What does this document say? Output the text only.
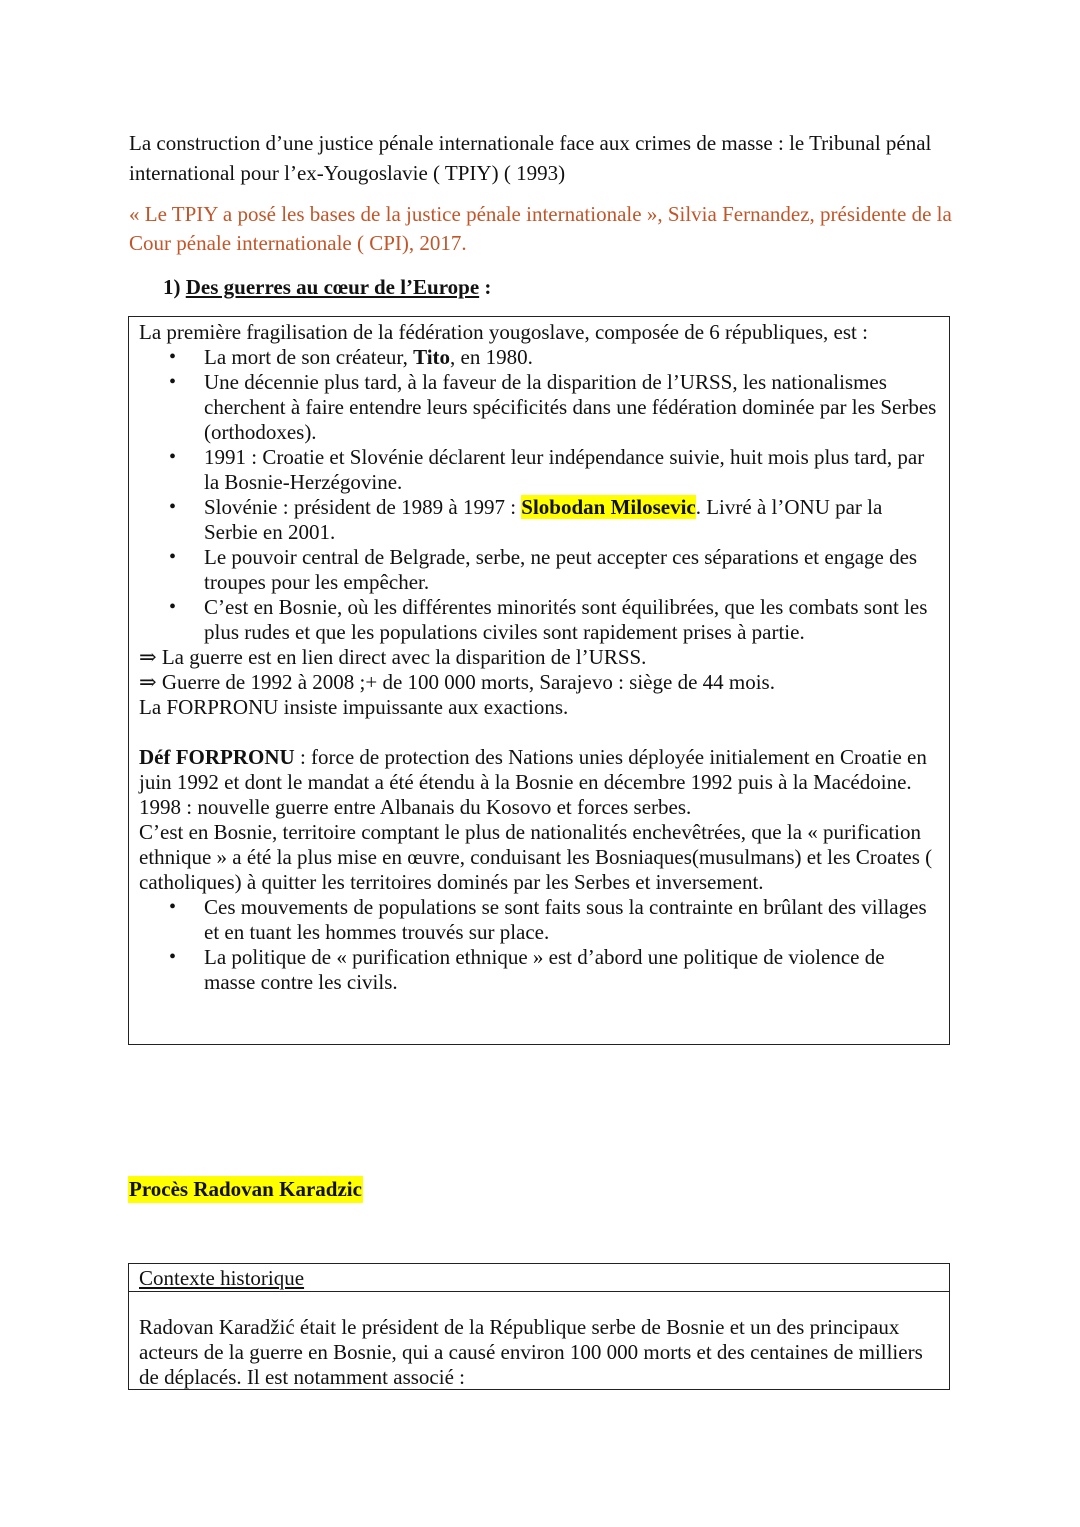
La construction d’une justice pénale internationale face aux crimes de masse : le Tribunal pénal international pour l’ex-Yougoslavie ( TPIY) ( 1993)
« Le TPIY a posé les bases de la justice pénale internationale », Silvia Fernandez, présidente de la Cour pénale internationale ( CPI), 2017.
1) Des guerres au cœur de l’Europe :

La première fragilisation de la fédération yougoslave, composée de 6 républiques, est :

• La mort de son créateur, Tito, en 1980.
• Une décennie plus tard, à la faveur de la disparition de l’URSS, les nationalismes cherchent à faire entendre leurs spécificités dans une fédération dominée par les Serbes (orthodoxes).
• 1991 : Croatie et Slovénie déclarent leur indépendance suivie, huit mois plus tard, par la Bosnie-Herzégovine.
• Slovénie : président de 1989 à 1997 : Slobodan Milosevic. Livré à l’ONU par la Serbie en 2001.
• Le pouvoir central de Belgrade, serbe, ne peut accepter ces séparations et engage des troupes pour les empêcher.
• C’est en Bosnie, où les différentes minorités sont équilibrées, que les combats sont les plus rudes et que les populations civiles sont rapidement prises à partie.

⇒ La guerre est en lien direct avec la disparition de l’URSS.

⇒ Guerre de 1992 à 2008 ;+ de 100 000 morts, Sarajevo : siège de 44 mois.

La FORPRONU insiste impuissante aux exactions.

Déf FORPRONU : force de protection des Nations unies déployée initialement en Croatie en juin 1992 et dont le mandat a été étendu à la Bosnie en décembre 1992 puis à la Macédoine.

1998 : nouvelle guerre entre Albanais du Kosovo et forces serbes.

C’est en Bosnie, territoire comptant le plus de nationalités enchevêtrées, que la « purification ethnique » a été la plus mise en œuvre, conduisant les Bosniaques(musulmans) et les Croates ( catholiques) à quitter les territoires dominés par les Serbes et inversement.

• Ces mouvements de populations se sont faits sous la contrainte en brûlant des villages et en tuant les hommes trouvés sur place.
• La politique de « purification ethnique » est d’abord une politique de violence de masse contre les civils.
Procès Radovan Karadzic
Contexte historique
Radovan Karadžić était le président de la République serbe de Bosnie et un des principaux acteurs de la guerre en Bosnie, qui a causé environ 100 000 morts et des centaines de milliers de déplacés. Il est notamment associé :
